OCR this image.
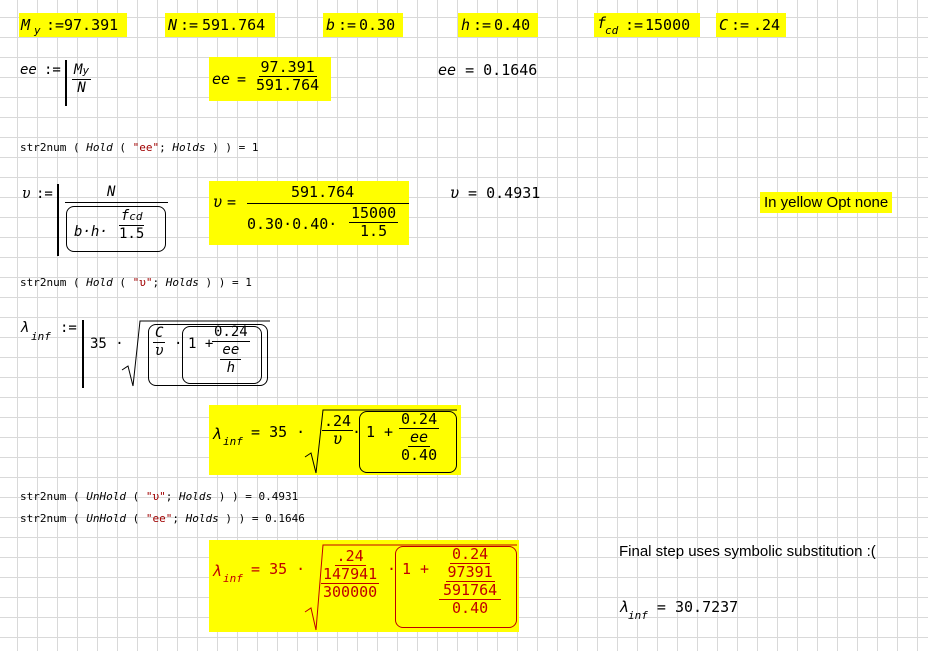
M y := 97.391	N := 591.764	b := 0.30	h := 0.40	f
cd := 15000 C := .24
ee := $\frac{My}{N}$	ee = $\frac{97.391}{591.764}$	ee = 0.1646
str2num ( Hold ( "ee"; Holds ) ) = 1
υ :=	N
b·h·
fcd
1.5
υ =
591.764
$0.30\cdot 0.40\cdot \frac{15000}{1.5}$
υ = 0.4931
In yellow Opt none
str2num ( Hold ( "υ"; Holds ) ) = 1
λ
inf
:=
$35 \cdot \frac{C}{\upsilon} \cdot 1$ +
0.24
$\frac{ee}{h}$
λ inf
= $35 \cdot \frac{.24}{\upsilon}$
· $1 + \frac{0.24}{\frac{ee}{0.40}}$
str2num ( UnHold ( "υ"; Holds ) ) = 0.4931
str2num ( UnHold ( "ee"; Holds ) ) = 0.1646
λ inf
= $35 \cdot \frac{.24}{\frac{147941}{300000}} \cdot 1 + \frac{0.24}{\frac{\frac{97391}{591764}}{0.40}}$	Final step uses symbolic substitution :(
$\lambda_{inf} = 30.7237$
